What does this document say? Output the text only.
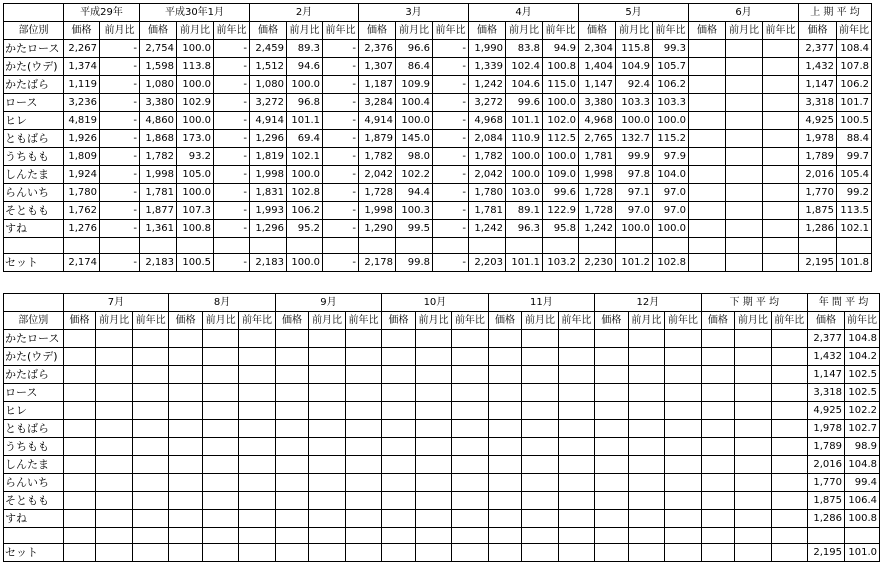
	平成29年		平成30年1月			2月			3月			4月			5月			6月			上 期 平 均	
部位別	価格	前月比	価格	前月比	前年比	価格	前月比	前年比	価格	前月比	前年比	価格	前月比	前年比	価格	前月比	前年比	価格	前月比	前年比	価格	前年比
かたロース	2,267	-	2,754	100.0	-	2,459	89.3	-	2,376	96.6	-	1,990	83.8	94.9	2,304	115.8	99.3				2,377	108.4
かた(ウデ)	1,374	-	1,598	113.8	-	1,512	94.6	-	1,307	86.4	-	1,339	102.4	100.8	1,404	104.9	105.7				1,432	107.8
かたばら	1,119	-	1,080	100.0	-	1,080	100.0	-	1,187	109.9	-	1,242	104.6	115.0	1,147	92.4	106.2				1,147	106.2
ロース	3,236	-	3,380	102.9	-	3,272	96.8	-	3,284	100.4	-	3,272	99.6	100.0	3,380	103.3	103.3				3,318	101.7
ヒレ	4,819	-	4,860	100.0	-	4,914	101.1	-	4,914	100.0	-	4,968	101.1	102.0	4,968	100.0	100.0				4,925	100.5
ともばら	1,926	-	1,868	173.0	-	1,296	69.4	-	1,879	145.0	-	2,084	110.9	112.5	2,765	132.7	115.2				1,978	88.4
うちもも	1,809	-	1,782	93.2	-	1,819	102.1	-	1,782	98.0	-	1,782	100.0	100.0	1,781	99.9	97.9				1,789	99.7
しんたま	1,924	-	1,998	105.0	-	1,998	100.0	-	2,042	102.2	-	2,042	100.0	109.0	1,998	97.8	104.0				2,016	105.4
らんいち	1,780	-	1,781	100.0	-	1,831	102.8	-	1,728	94.4	-	1,780	103.0	99.6	1,728	97.1	97.0				1,770	99.2
そともも	1,762	-	1,877	107.3	-	1,993	106.2	-	1,998	100.3	-	1,781	89.1	122.9	1,728	97.0	97.0				1,875	113.5
すね	1,276	-	1,361	100.8	-	1,296	95.2	-	1,290	99.5	-	1,242	96.3	95.8	1,242	100.0	100.0				1,286	102.1

セット	2,174	-	2,183	100.5	-	2,183	100.0	-	2,178	99.8	-	2,203	101.1	103.2	2,230	101.2	102.8				2,195	101.8
	7月			8月			9月			10月			11月			12月			下 期 平 均			年 間 平 均	
部位別	価格	前月比	前年比	価格	前月比	前年比	価格	前月比	前年比	価格	前月比	前年比	価格	前月比	前年比	価格	前月比	前年比	価格	前月比	前年比	価格	前年比
かたロース																						2,377	104.8
かた(ウデ)																						1,432	104.2
かたばら																						1,147	102.5
ロース																						3,318	102.5
ヒレ																						4,925	102.2
ともばら																						1,978	102.7
うちもも																						1,789	98.9
しんたま																						2,016	104.8
らんいち																						1,770	99.4
そともも																						1,875	106.4
すね																						1,286	100.8

セット																						2,195	101.0
